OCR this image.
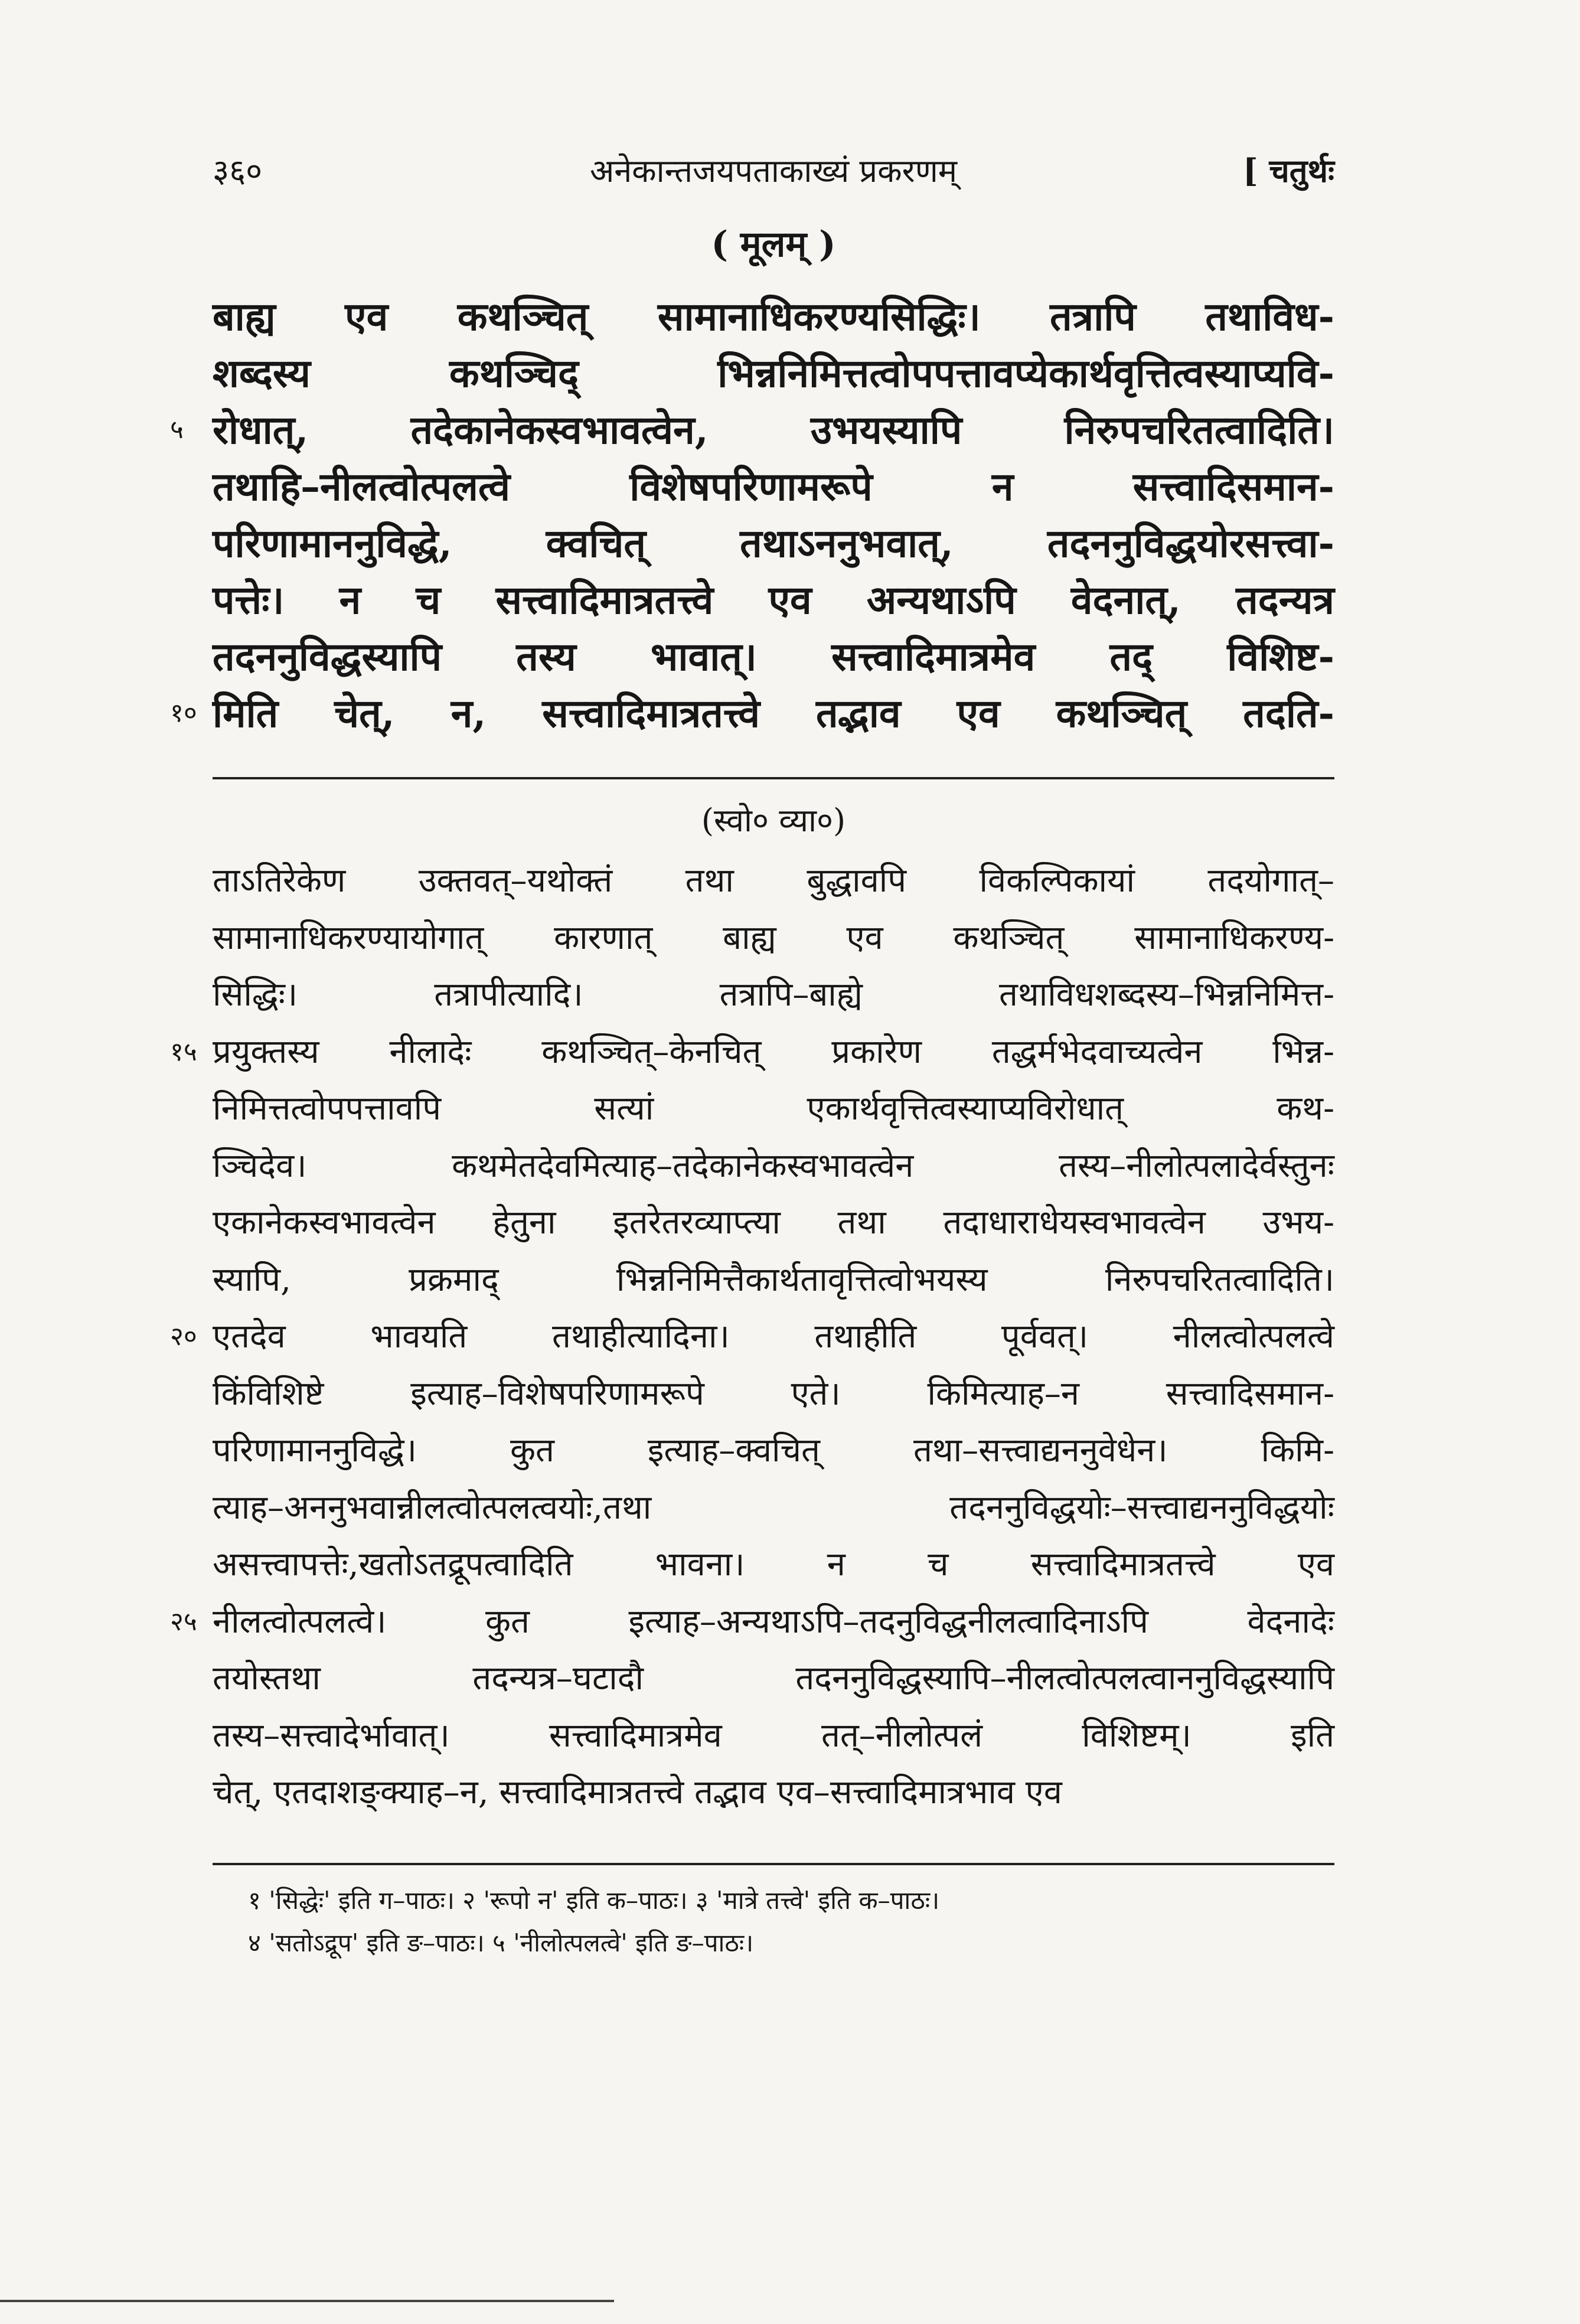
३६०	अनेकान्तजयपताकाख्यं प्रकरणम्	[ चतुर्थः
( मूलम् )
बाह्य एव कथञ्चित् सामानाधिकरण्यसिद्धिः। तत्रापि तथाविध-
शब्दस्य कथञ्चिद् भिन्ननिमित्तत्वोपपत्तावप्येकार्थवृत्तित्वस्याप्यवि-
५ रोधात्, तदेकानेकस्वभावत्वेन, उभयस्यापि निरुपचरितत्वादिति।
तथाहि–नीलत्वोत्पलत्वे विशेषपरिणामरूपे न सत्त्वादिसमान-
परिणामाननुविद्धे, क्वचित् तथाऽननुभवात्, तदननुविद्धयोरसत्त्वा-
पत्तेः। न च सत्त्वादिमात्रतत्त्वे एव अन्यथाऽपि वेदनात्, तदन्यत्र
तदननुविद्धस्यापि तस्य भावात्। सत्त्वादिमात्रमेव तद् विशिष्ट-
१० मिति चेत्, न, सत्त्वादिमात्रतत्त्वे तद्भाव एव कथञ्चित् तदति-
(स्वो० व्या०)
ताऽतिरेकेण उक्तवत्–यथोक्तं तथा बुद्धावपि विकल्पिकायां तदयोगात्–
सामानाधिकरण्यायोगात् कारणात् बाह्य एव कथञ्चित् सामानाधिकरण्य-
सिद्धिः। तत्रापीत्यादि। तत्रापि–बाह्ये तथाविधशब्दस्य–भिन्ननिमित्त-
१५ प्रयुक्तस्य नीलादेः कथञ्चित्–केनचित् प्रकारेण तद्धर्मभेदवाच्यत्वेन भिन्न-
निमित्तत्वोपपत्तावपि सत्यां एकार्थवृत्तित्वस्याप्यविरोधात् कथ-
ञ्चिदेव। कथमेतदेवमित्याह–तदेकानेकस्वभावत्वेन तस्य–नीलोत्पलादेर्वस्तुनः
एकानेकस्वभावत्वेन हेतुना इतरेतरव्याप्त्या तथा तदाधाराधेयस्वभावत्वेन उभय-
स्यापि, प्रक्रमाद् भिन्ननिमित्तैकार्थतावृत्तित्वोभयस्य निरुपचरितत्वादिति।
२० एतदेव भावयति तथाहीत्यादिना। तथाहीति पूर्ववत्। नीलत्वोत्पलत्वे
किंविशिष्टे इत्याह–विशेषपरिणामरूपे एते। किमित्याह–न सत्त्वादिसमान-
परिणामाननुविद्धे। कुत इत्याह–क्वचित् तथा–सत्त्वाद्यननुवेधेन। किमि-
त्याह–अननुभवान्नीलत्वोत्पलत्वयोः,तथा तदननुविद्धयोः–सत्त्वाद्यननुविद्धयोः
असत्त्वापत्तेः,खतोऽतद्रूपत्वादिति भावना। न च सत्त्वादिमात्रतत्त्वे एव
२५ नीलत्वोत्पलत्वे। कुत इत्याह–अन्यथाऽपि–तदनुविद्धनीलत्वादिनाऽपि वेदनादेः
तयोस्तथा तदन्यत्र–घटादौ तदननुविद्धस्यापि–नीलत्वोत्पलत्वाननुविद्धस्यापि
तस्य–सत्त्वादेर्भावात्। सत्त्वादिमात्रमेव तत्–नीलोत्पलं विशिष्टम्। इति
चेत्, एतदाशङ्क्याह–न, सत्त्वादिमात्रतत्त्वे तद्भाव एव–सत्त्वादिमात्रभाव एव
१ 'सिद्धेः' इति ग–पाठः। २ 'रूपो न' इति क–पाठः। ३ 'मात्रे तत्त्वे' इति क–पाठः।
४ 'सतोऽद्रूप' इति ङ–पाठः। ५ 'नीलोत्पलत्वे' इति ङ–पाठः।
